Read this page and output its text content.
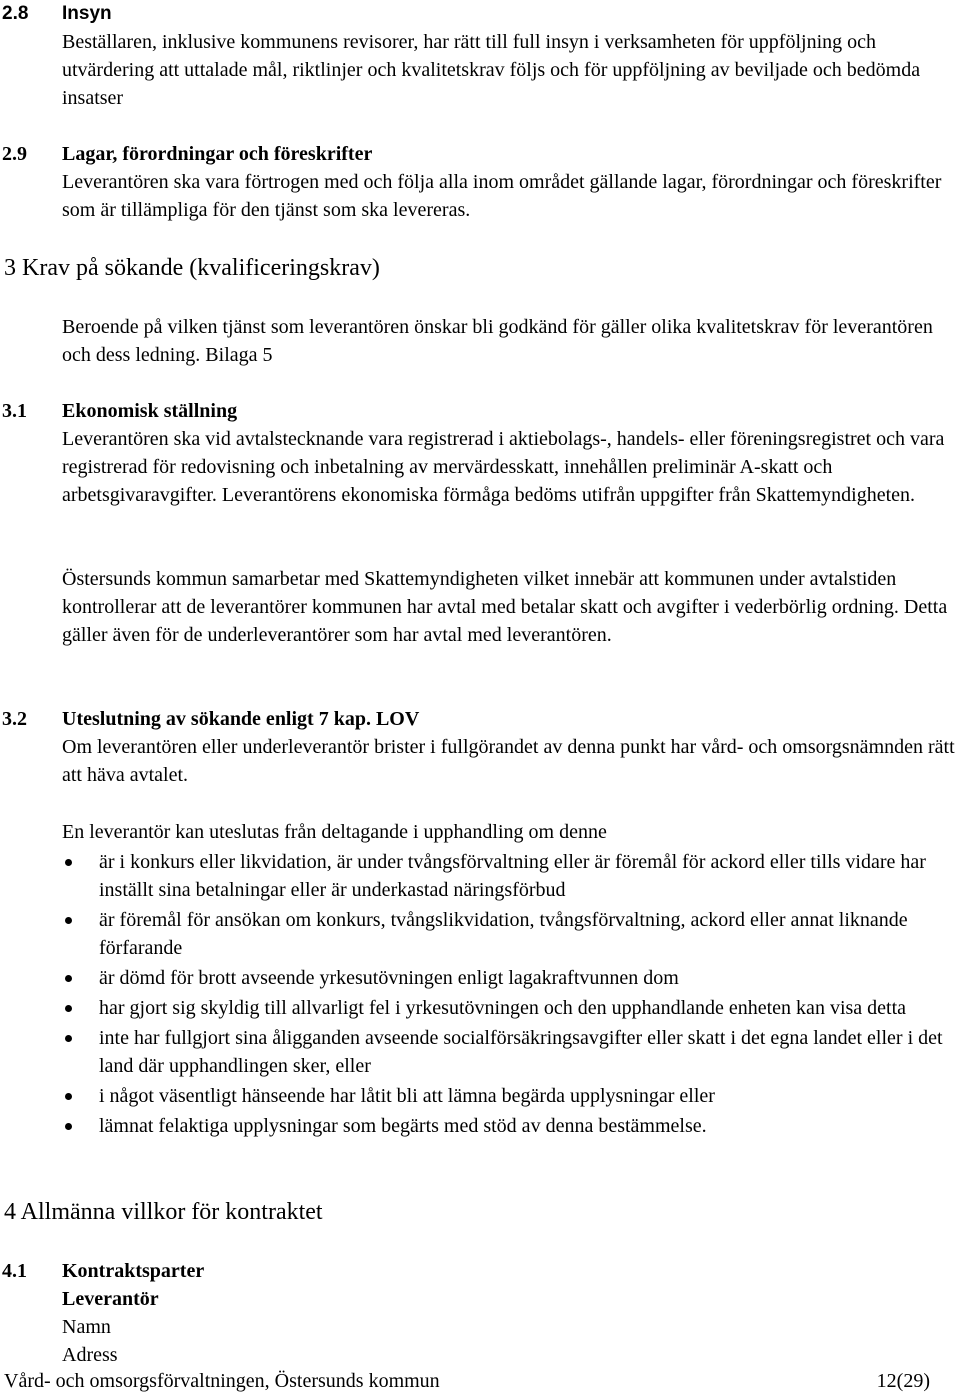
2.8 Insyn
Beställaren, inklusive kommunens revisorer, har rätt till full insyn i verksamheten för uppföljning och utvärdering att uttalade mål, riktlinjer och kvalitetskrav följs och för uppföljning av beviljade och bedömda insatser
2.9 Lagar, förordningar och föreskrifter
Leverantören ska vara förtrogen med och följa alla inom området gällande lagar, förordningar och föreskrifter som är tillämpliga för den tjänst som ska levereras.
3 Krav på sökande (kvalificeringskrav)
Beroende på vilken tjänst som leverantören önskar bli godkänd för gäller olika kvalitetskrav för leverantören och dess ledning. Bilaga 5
3.1 Ekonomisk ställning
Leverantören ska vid avtalstecknande vara registrerad i aktiebolags-, handels- eller föreningsregistret och vara registrerad för redovisning och inbetalning av mervärdesskatt, innehållen preliminär A-skatt och arbetsgivaravgifter. Leverantörens ekonomiska förmåga bedöms utifrån uppgifter från Skattemyndigheten.
Östersunds kommun samarbetar med Skattemyndigheten vilket innebär att kommunen under avtalstiden kontrollerar att de leverantörer kommunen har avtal med betalar skatt och avgifter i vederbörlig ordning. Detta gäller även för de underleverantörer som har avtal med leverantören.
3.2 Uteslutning av sökande enligt 7 kap. LOV
Om leverantören eller underleverantör brister i fullgörandet av denna punkt har vård- och omsorgsnämnden rätt att häva avtalet.
En leverantör kan uteslutas från deltagande i upphandling om denne
är i konkurs eller likvidation, är under tvångsförvaltning eller är föremål för ackord eller tills vidare har inställt sina betalningar eller är underkastad näringsförbud
är föremål för ansökan om konkurs, tvångslikvidation, tvångsförvaltning, ackord eller annat liknande förfarande
är dömd för brott avseende yrkesutövningen enligt lagakraftvunnen dom
har gjort sig skyldig till allvarligt fel i yrkesutövningen och den upphandlande enheten kan visa detta
inte har fullgjort sina åligganden avseende socialförsäkringsavgifter eller skatt i det egna landet eller i det land där upphandlingen sker, eller
i något väsentligt hänseende har låtit bli att lämna begärda upplysningar eller
lämnat felaktiga upplysningar som begärts med stöd av denna bestämmelse.
4 Allmänna villkor för kontraktet
4.1 Kontraktsparter
Leverantör
Namn
Adress
Vård- och omsorgsförvaltningen, Östersunds kommun	12(29)
